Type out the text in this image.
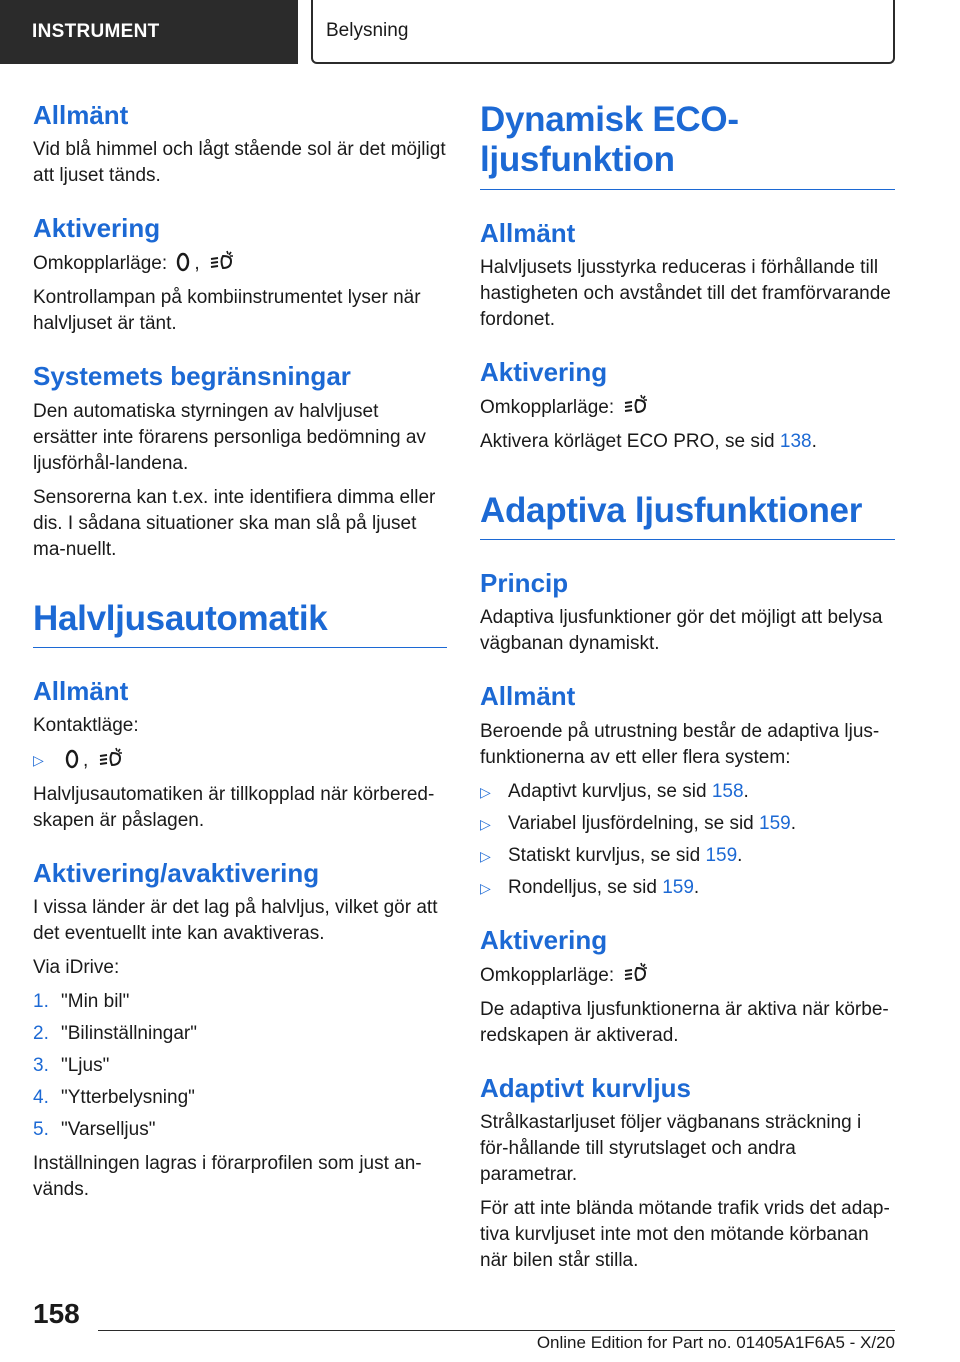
INSTRUMENT	Belysning
Allmänt

Vid blå himmel och lågt stående sol är det möjligt att ljuset tänds.

Aktivering

Omkopplarläge: ,

Kontrollampan på kombiinstrumentet lyser när halvljuset är tänt.

Systemets begränsningar

Den automatiska styrningen av halvljuset ersätter inte förarens personliga bedömning av ljusförhål-landena.

Sensorerna kan t.ex. inte identifiera dimma eller dis. I sådana situationer ska man slå på ljuset ma-nuellt.

Halvljusautomatik
Allmänt

Kontaktläge:

▷	,

Halvljusautomatiken är tillkopplad när körbered-skapen är påslagen.

Aktivering/avaktivering

I vissa länder är det lag på halvljus, vilket gör att det eventuellt inte kan avaktiveras.

Via iDrive:

1. "Min bil"
2. "Bilinställningar"
3. "Ljus"
4. "Ytterbelysning"
5. "Varselljus"

Inställningen lagras i förarprofilen som just an-vänds.

Dynamisk ECO-ljusfunktion
Allmänt

Halvljusets ljusstyrka reduceras i förhållande till hastigheten och avståndet till det framförvarande fordonet.

Aktivering

Omkopplarläge:

Aktivera körläget ECO PRO, se sid 138.

Adaptiva ljusfunktioner
Princip

Adaptiva ljusfunktioner gör det möjligt att belysa vägbanan dynamiskt.

Allmänt

Beroende på utrustning består de adaptiva ljus-funktionerna av ett eller flera system:

▷ Adaptivt kurvljus, se sid 158.
▷ Variabel ljusfördelning, se sid 159.
▷ Statiskt kurvljus, se sid 159.
▷ Rondelljus, se sid 159.
Aktivering

Omkopplarläge:

De adaptiva ljusfunktionerna är aktiva när körbe-redskapen är aktiverad.

Adaptivt kurvljus

Strålkastarljuset följer vägbanans sträckning i för-hållande till styrutslaget och andra parametrar.

För att inte blända mötande trafik vrids det adap-tiva kurvljuset inte mot den mötande körbanan när bilen står stilla.

158
Online Edition for Part no. 01405A1F6A5 - X/20
